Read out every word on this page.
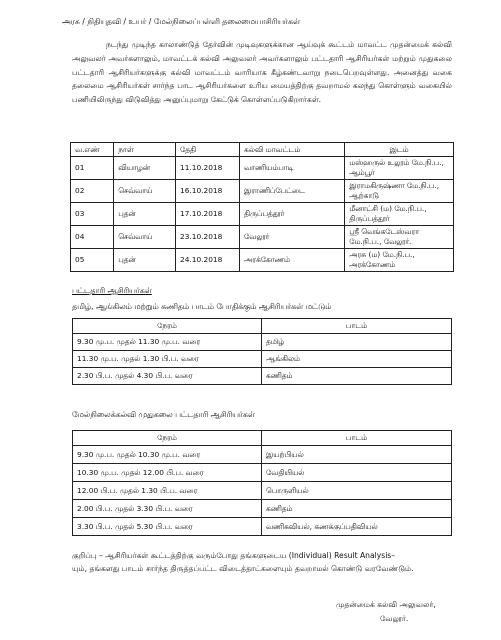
அரசு / நிதியுதவி / உயர் / மேல்நிலைப்பள்ளி தலைமையாசிரியர்கள்

நடந்து முடிந்த காலாண்டுத் தேர்வின் முடிவுகளுக்கான ஆய்வுக் கூட்டம் மாவட்ட முதன்மைக் கல்வி அலுவலர் அவர்களாலும், மாவட்டக் கல்வி அலுவலர் அவர்களாலும் பட்டதாரி ஆசிரியர்கள் மற்றும் முதுகலை பட்டதாரி ஆசிரியர்களுக்கு கல்வி மாவட்டம் வாரியாக கீழ்கண்டவாறு நடைபெறவுள்ளது. அனைத்து வகை தலைமை ஆசிரியர்கள் சார்ந்த பாட ஆசிரியர்களை உரிய மையத்திற்கு தவறாமல் கலந்து கொள்ளும் வகையில் பணியிலிருந்து விடுவித்து அனுப்புமாறு கேட்டுக் கொள்ளப்படுகிறார்கள்.

வ.எண்	நாள்	தேதி	கல்வி மாவட்டம்	இடம்
01	வியாழன்	11.10.2018	வாணியம்பாடி	மஸ்ஹருல் உலூம் மே.நி.ப., ஆம்பூர்
02	செவ்வாய்	16.10.2018	இராணிப்பேட்டை	இராமகிருஷ்ணா மே.நி.ப., ஆற்காடு
03	புதன்	17.10.2018	திருப்பத்தூர்	மீனாட்சி (ம) மே.நி.ப., திருப்பத்தூர்
04	செவ்வாய்	23.10.2018	வேலூர்	ஸ்ரீ வெங்கடேஸ்வரா மே.நி.ப., வேலூர்.
05	புதன்	24.10.2018	அரக்கோணம்	அரசு (ம) மே.நி.ப., அரக்கோணம்
பட்டதாரி ஆசிரியர்கள்
தமிழ், ஆங்கிலம் மற்றும் கணிதம் பாடம் போதிக்கும் ஆசிரியர்கள் மட்டும்
நேரம்	பாடம்
9.30 மு.ப. முதல் 11.30 மு.ப. வரை	தமிழ்
11.30 மு.ப. முதல் 1.30 பி.ப. வரை	ஆங்கிலம்
2.30 பி.ப. முதல் 4.30 பி.ப. வரை	கணிதம்
மேல்நிலைக்கல்வி முதுகலை பட்டதாரி ஆசிரியர்கள்
நேரம்	பாடம்
9.30 மு.ப. முதல் 10.30 மு.ப. வரை	இயற்பியல்
10.30 மு.ப. முதல் 12.00 பி.ப. வரை	வேதியியல்
12.00 பி.ப. முதல் 1.30 பி.ப. வரை	பொருளியல்
2.00 பி.ப. முதல் 3.30 பி.ப. வரை	கணிதம்
3.30 பி.ப. முதல் 5.30 பி.ப. வரை	வணிகவியல், கணக்குப்பதிவியல்

குறிப்பு – ஆசிரியர்கள் கூட்டத்திற்கு வரும்போது தங்களுடைய (Individual) Result Analysis–

யும், தங்களது பாடம் சார்ந்த திருத்தப்பட்ட விடைத்தாட்களையும் தவறாமல் கொண்டு வரவேண்டும்.

முதன்மைக் கல்வி அலுவலர்,
வேலூர்.
